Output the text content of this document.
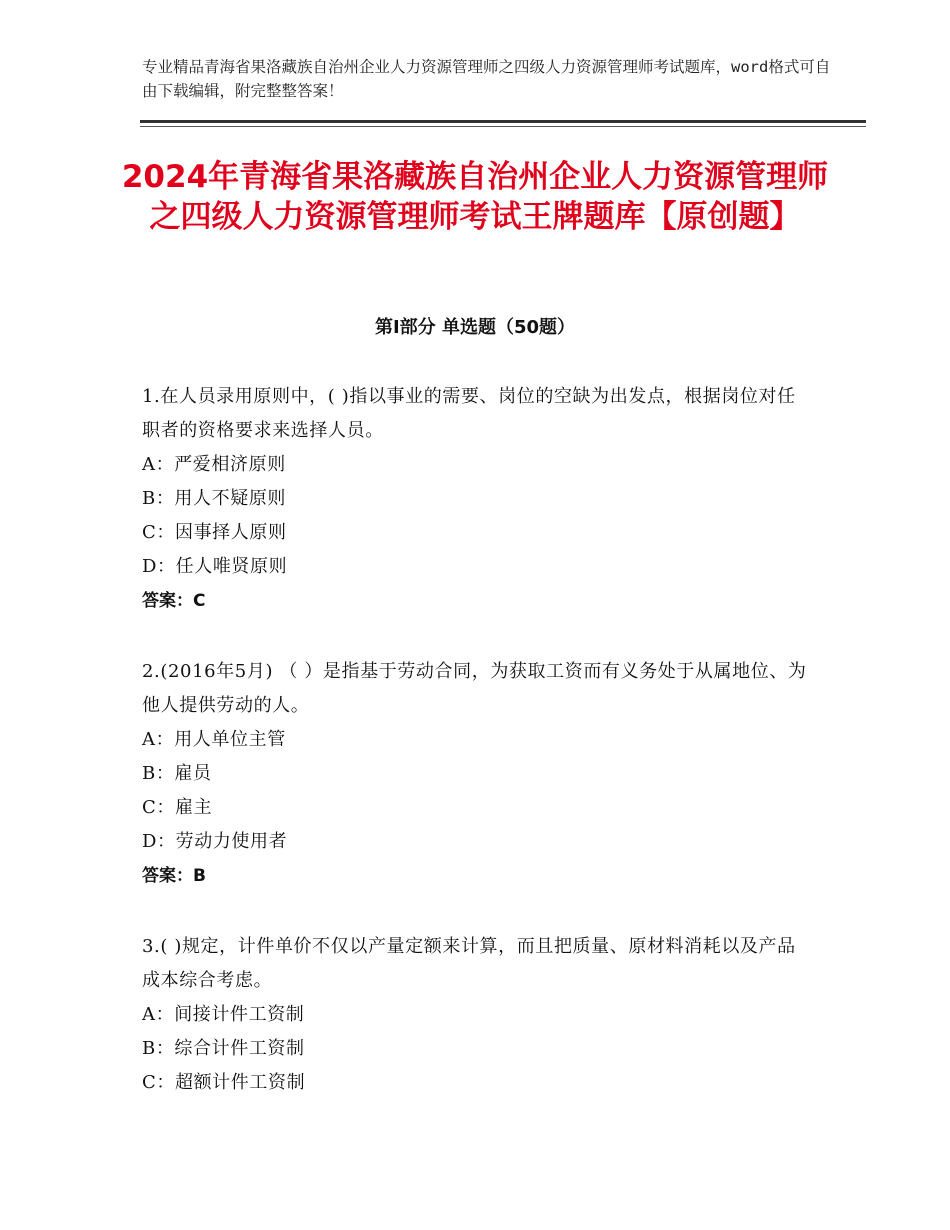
专业精品青海省果洛藏族自治州企业人力资源管理师之四级人力资源管理师考试题库，word格式可自由下载编辑，附完整整答案！
2024年青海省果洛藏族自治州企业人力资源管理师之四级人力资源管理师考试王牌题库【原创题】
第Ⅰ部分 单选题（50题）
1.在人员录用原则中，( )指以事业的需要、岗位的空缺为出发点，根据岗位对任职者的资格要求来选择人员。
A：严爱相济原则
B：用人不疑原则
C：因事择人原则
D：任人唯贤原则
答案：C
2.(2016年5月) （ ）是指基于劳动合同，为获取工资而有义务处于从属地位、为他人提供劳动的人。
A：用人单位主管
B：雇员
C：雇主
D：劳动力使用者
答案：B
3.( )规定，计件单价不仅以产量定额来计算，而且把质量、原材料消耗以及产品成本综合考虑。
A：间接计件工资制
B：综合计件工资制
C：超额计件工资制
